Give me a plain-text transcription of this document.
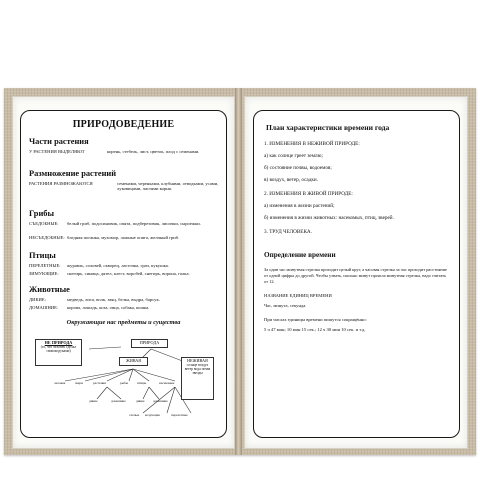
ПРИРОДОВЕДЕНИЕ
Части растения
У РАСТЕНИЯ ВЫДЕЛЯЮТ	корень, стебель, лист, цветок, плод с семенами.
Размножение растений
РАСТЕНИЯ РАЗМНОЖАЮТСЯ	семенами, черенками, клубнями, отводками, усами, луковицами, частями корня.
Грибы
СЪЕДОБНЫЕ: белый гриб, подосиновик, опята, подберезовик, лисички, сыроежки.
НЕСЪЕДОБНЫЕ: бледная поганка, мухомор, ложные опята, желчный гриб.
Птицы
ПЕРЕЛЕТНЫЕ: журавль, соловей, скворец, ласточка, грач, кукушка.
ЗИМУЮЩИЕ: снегирь, синица, дятел, клест, воробей, снегирь, ворона, галка.
Животные
ДИКИЕ:	медведь, лиса, волк, заяц, белка, выдра, барсук.
ДОМАШНИЕ: корова, лошадь, коза, овца, собака, кошка.
Окружающие нас предметы и существа
НЕ ПРИРОДА
(то, что человек сделал своими руками)
ПРИРОДА
ЖИВАЯ	НЕЖИВАЯ
солнце воздух ветер вода почва звезды
человек	звери	растения	рыбы	птицы	насекомые
дикие	домашние	дикие домашние
слепые кочующие	перелетные
План характеристики времени года
1. ИЗМЕНЕНИЯ В НЕЖИВОЙ ПРИРОДЕ:
а) как солнце греет землю;
б) состояние почвы, водоемов;
в) воздух, ветер, осадки.
2. ИЗМЕНЕНИЯ В ЖИВОЙ ПРИРОДЕ:
а) изменения в жизни растений;
б) изменения в жизни животных: насекомых, птиц, зверей.
3. ТРУД ЧЕЛОВЕКА.
Определение времени
За один час минутная стрелка проходит целый круг, а часовая стрелка за час проходит расстояние от одной цифры до другой. Чтобы узнать, сколько минут прошла минутная стрелка, надо считать от 12.
НАЗВАНИЕ ЕДИНИЦ ВРЕМЕНИ
Час, минута, секунда.
При числах единицы времени пишутся сокращённо:
5 ч 47 мин; 10 мин 15 сек.; 12 ч 30 мин 10 сек. и т.д.
